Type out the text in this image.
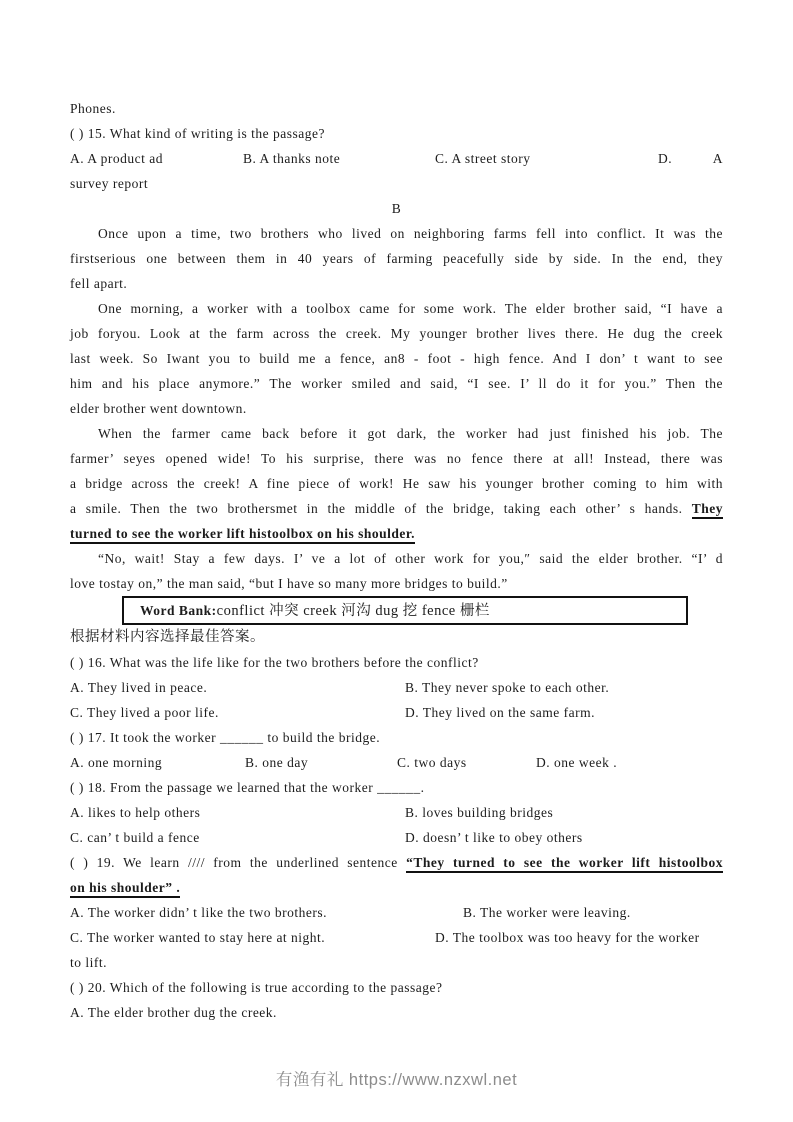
Phones.
( ) 15. What kind of writing is the passage?
A. A product ad	B. A thanks note	C. A street story	D.	A
survey report
B
Once upon a time, two brothers who lived on neighboring farms fell into conflict. It was the
firstserious one between them in 40 years of farming peacefully side by side. In the end, they
fell apart.
One morning, a worker with a toolbox came for some work. The elder brother said, “I have a
job foryou. Look at the farm across the creek. My younger brother lives there. He dug the creek
last week. So Iwant you to build me a fence, an8 - foot - high fence. And I don’ t want to see
him and his place anymore.” The worker smiled and said, “I see. I’ ll do it for you.” Then the
elder brother went downtown.
When the farmer came back before it got dark, the worker had just finished his job. The
farmer’ seyes opened wide! To his surprise, there was no fence there at all! Instead, there was
a bridge across the creek! A fine piece of work! He saw his younger brother coming to him with
a smile. Then the two brothersmet in the middle of the bridge, taking each other’ s hands. They
turned to see the worker lift histoolbox on his shoulder.
“No, wait! Stay a few days. I’ ve a lot of other work for you,″ said the elder brother. “I’ d
love tostay on,” the man said, “but I have so many more bridges to build.”
Word Bank:conflict 冲突 creek 河沟 dug 挖 fence 栅栏
根据材料内容选择最佳答案。
( ) 16. What was the life like for the two brothers before the conflict?
A. They lived in peace.	B. They never spoke to each other.
C. They lived a poor life.	D. They lived on the same farm.
( ) 17. It took the worker ______ to build the bridge.
A. one morning	B. one day	C. two days	D. one week .
( ) 18. From the passage we learned that the worker ______.
A. likes to help others	B. loves building bridges
C. can’ t build a fence	D. doesn’ t like to obey others
( ) 19. We learn //// from the underlined sentence “They turned to see the worker lift histoolbox
on his shoulder” .
A. The worker didn’ t like the two brothers.	B. The worker were leaving.
C. The worker wanted to stay here at night.	D. The toolbox was too heavy for the worker
to lift.
( ) 20. Which of the following is true according to the passage?
A. The elder brother dug the creek.
有渔有礼 https://www.nzxwl.net
